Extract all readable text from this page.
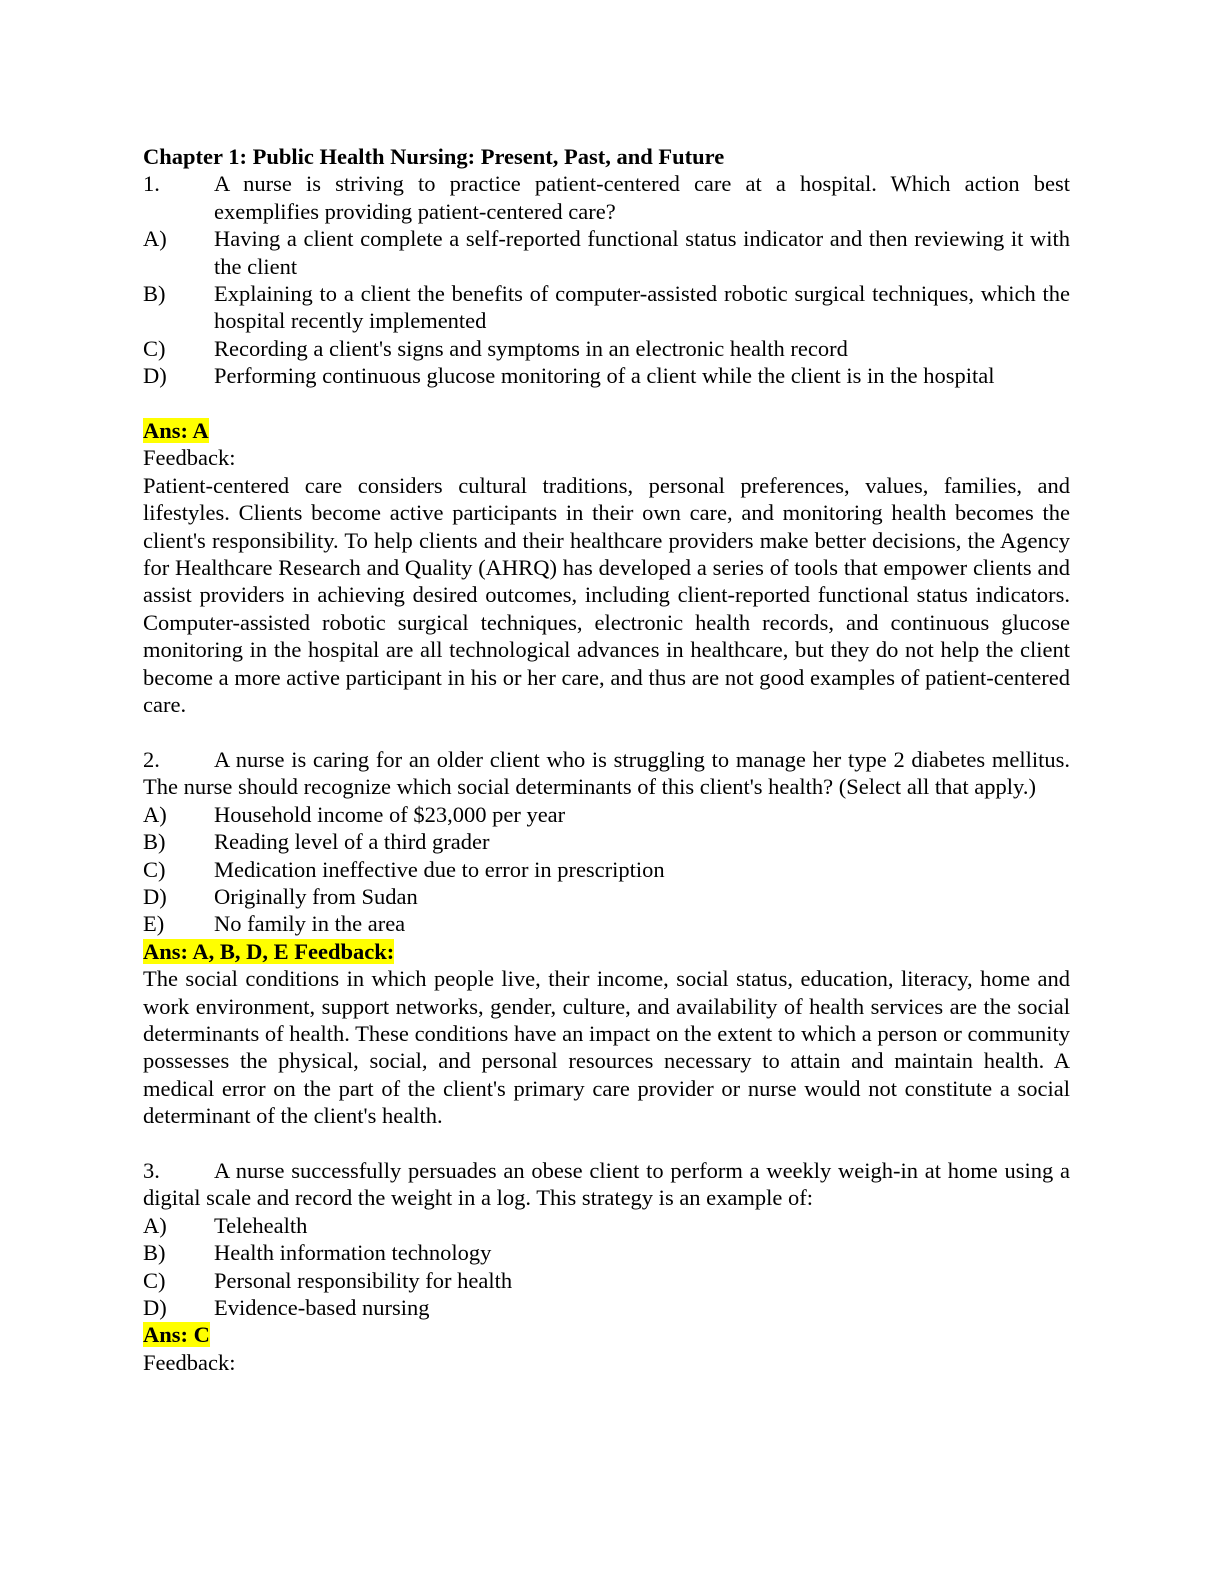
Chapter 1: Public Health Nursing: Present, Past, and Future

1.	A nurse is striving to practice patient-centered care at a hospital. Which action best exemplifies providing patient-centered care?
A)	Having a client complete a self-reported functional status indicator and then reviewing it with the client
B)	Explaining to a client the benefits of computer-assisted robotic surgical techniques, which the hospital recently implemented
C)	Recording a client's signs and symptoms in an electronic health record
D)	Performing continuous glucose monitoring of a client while the client is in the hospital

Ans: A

Feedback:

Patient-centered care considers cultural traditions, personal preferences, values, families, and lifestyles. Clients become active participants in their own care, and monitoring health becomes the client's responsibility. To help clients and their healthcare providers make better decisions, the Agency for Healthcare Research and Quality (AHRQ) has developed a series of tools that empower clients and assist providers in achieving desired outcomes, including client-reported functional status indicators. Computer-assisted robotic surgical techniques, electronic health records, and continuous glucose monitoring in the hospital are all technological advances in healthcare, but they do not help the client become a more active participant in his or her care, and thus are not good examples of patient-centered care.

2. A nurse is caring for an older client who is struggling to manage her type 2 diabetes mellitus. The nurse should recognize which social determinants of this client's health? (Select all that apply.)

A)	Household income of $23,000 per year
B)	Reading level of a third grader
C)	Medication ineffective due to error in prescription
D)	Originally from Sudan
E)	No family in the area

Ans: A, B, D, E Feedback:

The social conditions in which people live, their income, social status, education, literacy, home and work environment, support networks, gender, culture, and availability of health services are the social determinants of health. These conditions have an impact on the extent to which a person or community possesses the physical, social, and personal resources necessary to attain and maintain health. A medical error on the part of the client's primary care provider or nurse would not constitute a social determinant of the client's health.

3. A nurse successfully persuades an obese client to perform a weekly weigh-in at home using a digital scale and record the weight in a log. This strategy is an example of:

A)	Telehealth
B)	Health information technology
C)	Personal responsibility for health
D)	Evidence-based nursing

Ans: C

Feedback:
